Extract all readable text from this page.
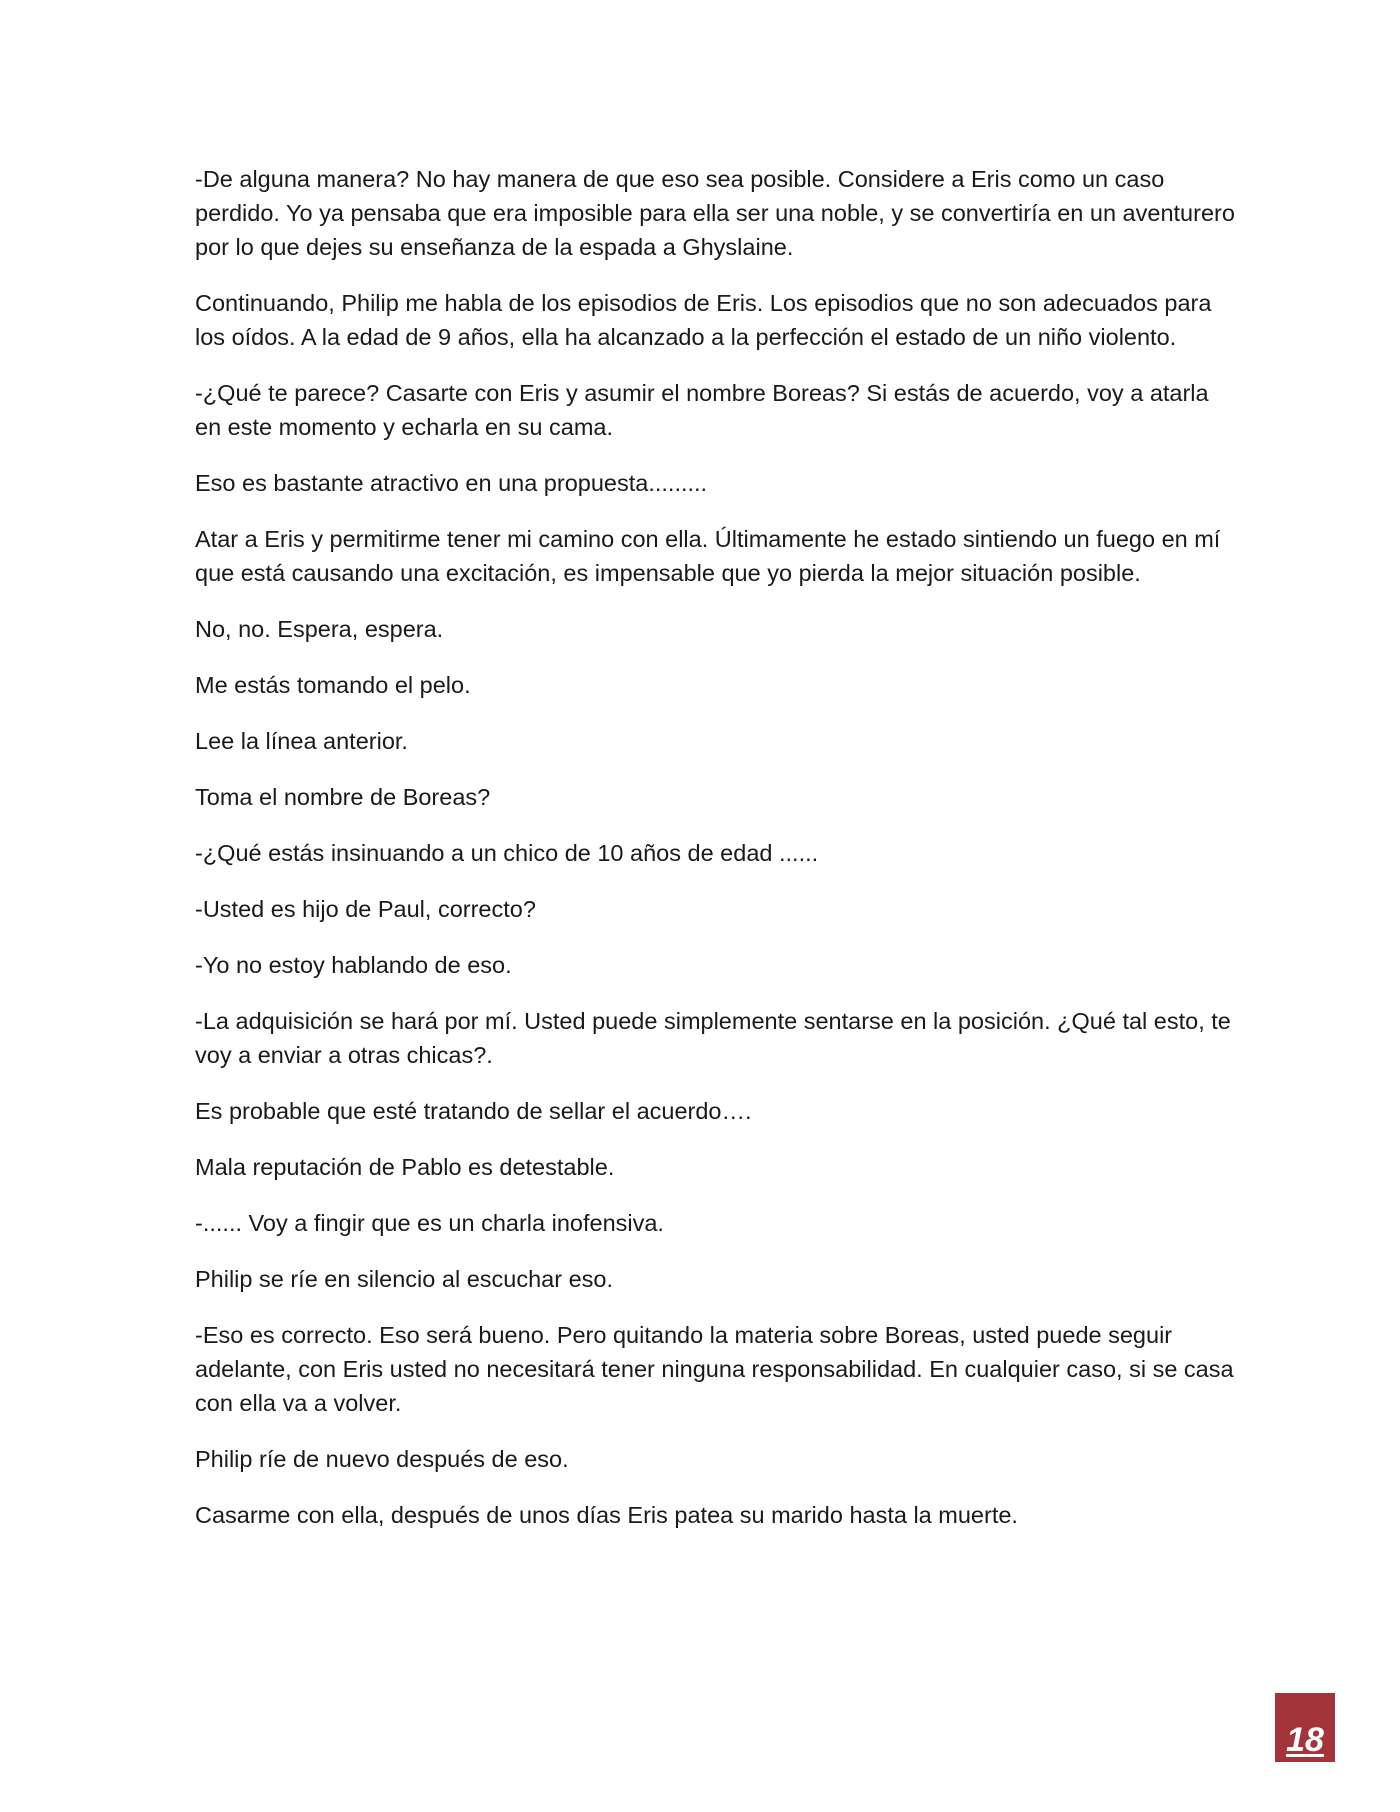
-De alguna manera? No hay manera de que eso sea posible. Considere a Eris como un caso perdido. Yo ya pensaba que era imposible para ella ser una noble, y se convertiría en un aventurero por lo que dejes su enseñanza de la espada a Ghyslaine.

Continuando, Philip me habla de los episodios de Eris. Los episodios que no son adecuados para los oídos. A la edad de 9 años, ella ha alcanzado a la perfección el estado de un niño violento.

-¿Qué te parece? Casarte con Eris y asumir el nombre Boreas? Si estás de acuerdo, voy a atarla en este momento y echarla en su cama.

Eso es bastante atractivo en una propuesta.........

Atar a Eris y permitirme tener mi camino con ella. Últimamente he estado sintiendo un fuego en mí que está causando una excitación, es impensable que yo pierda la mejor situación posible.

No, no. Espera, espera.

Me estás tomando el pelo.

Lee la línea anterior.

Toma el nombre de Boreas?

-¿Qué estás insinuando a un chico de 10 años de edad ......

-Usted es hijo de Paul, correcto?

-Yo no estoy hablando de eso.

-La adquisición se hará por mí. Usted puede simplemente sentarse en la posición. ¿Qué tal esto, te voy a enviar a otras chicas?.

Es probable que esté tratando de sellar el acuerdo….

Mala reputación de Pablo es detestable.

-...... Voy a fingir que es un charla inofensiva.

Philip se ríe en silencio al escuchar eso.

-Eso es correcto. Eso será bueno. Pero quitando la materia sobre Boreas, usted puede seguir adelante, con Eris usted no necesitará tener ninguna responsabilidad. En cualquier caso, si se casa con ella va a volver.

Philip ríe de nuevo después de eso.

Casarme con ella, después de unos días Eris patea su marido hasta la muerte.

18
